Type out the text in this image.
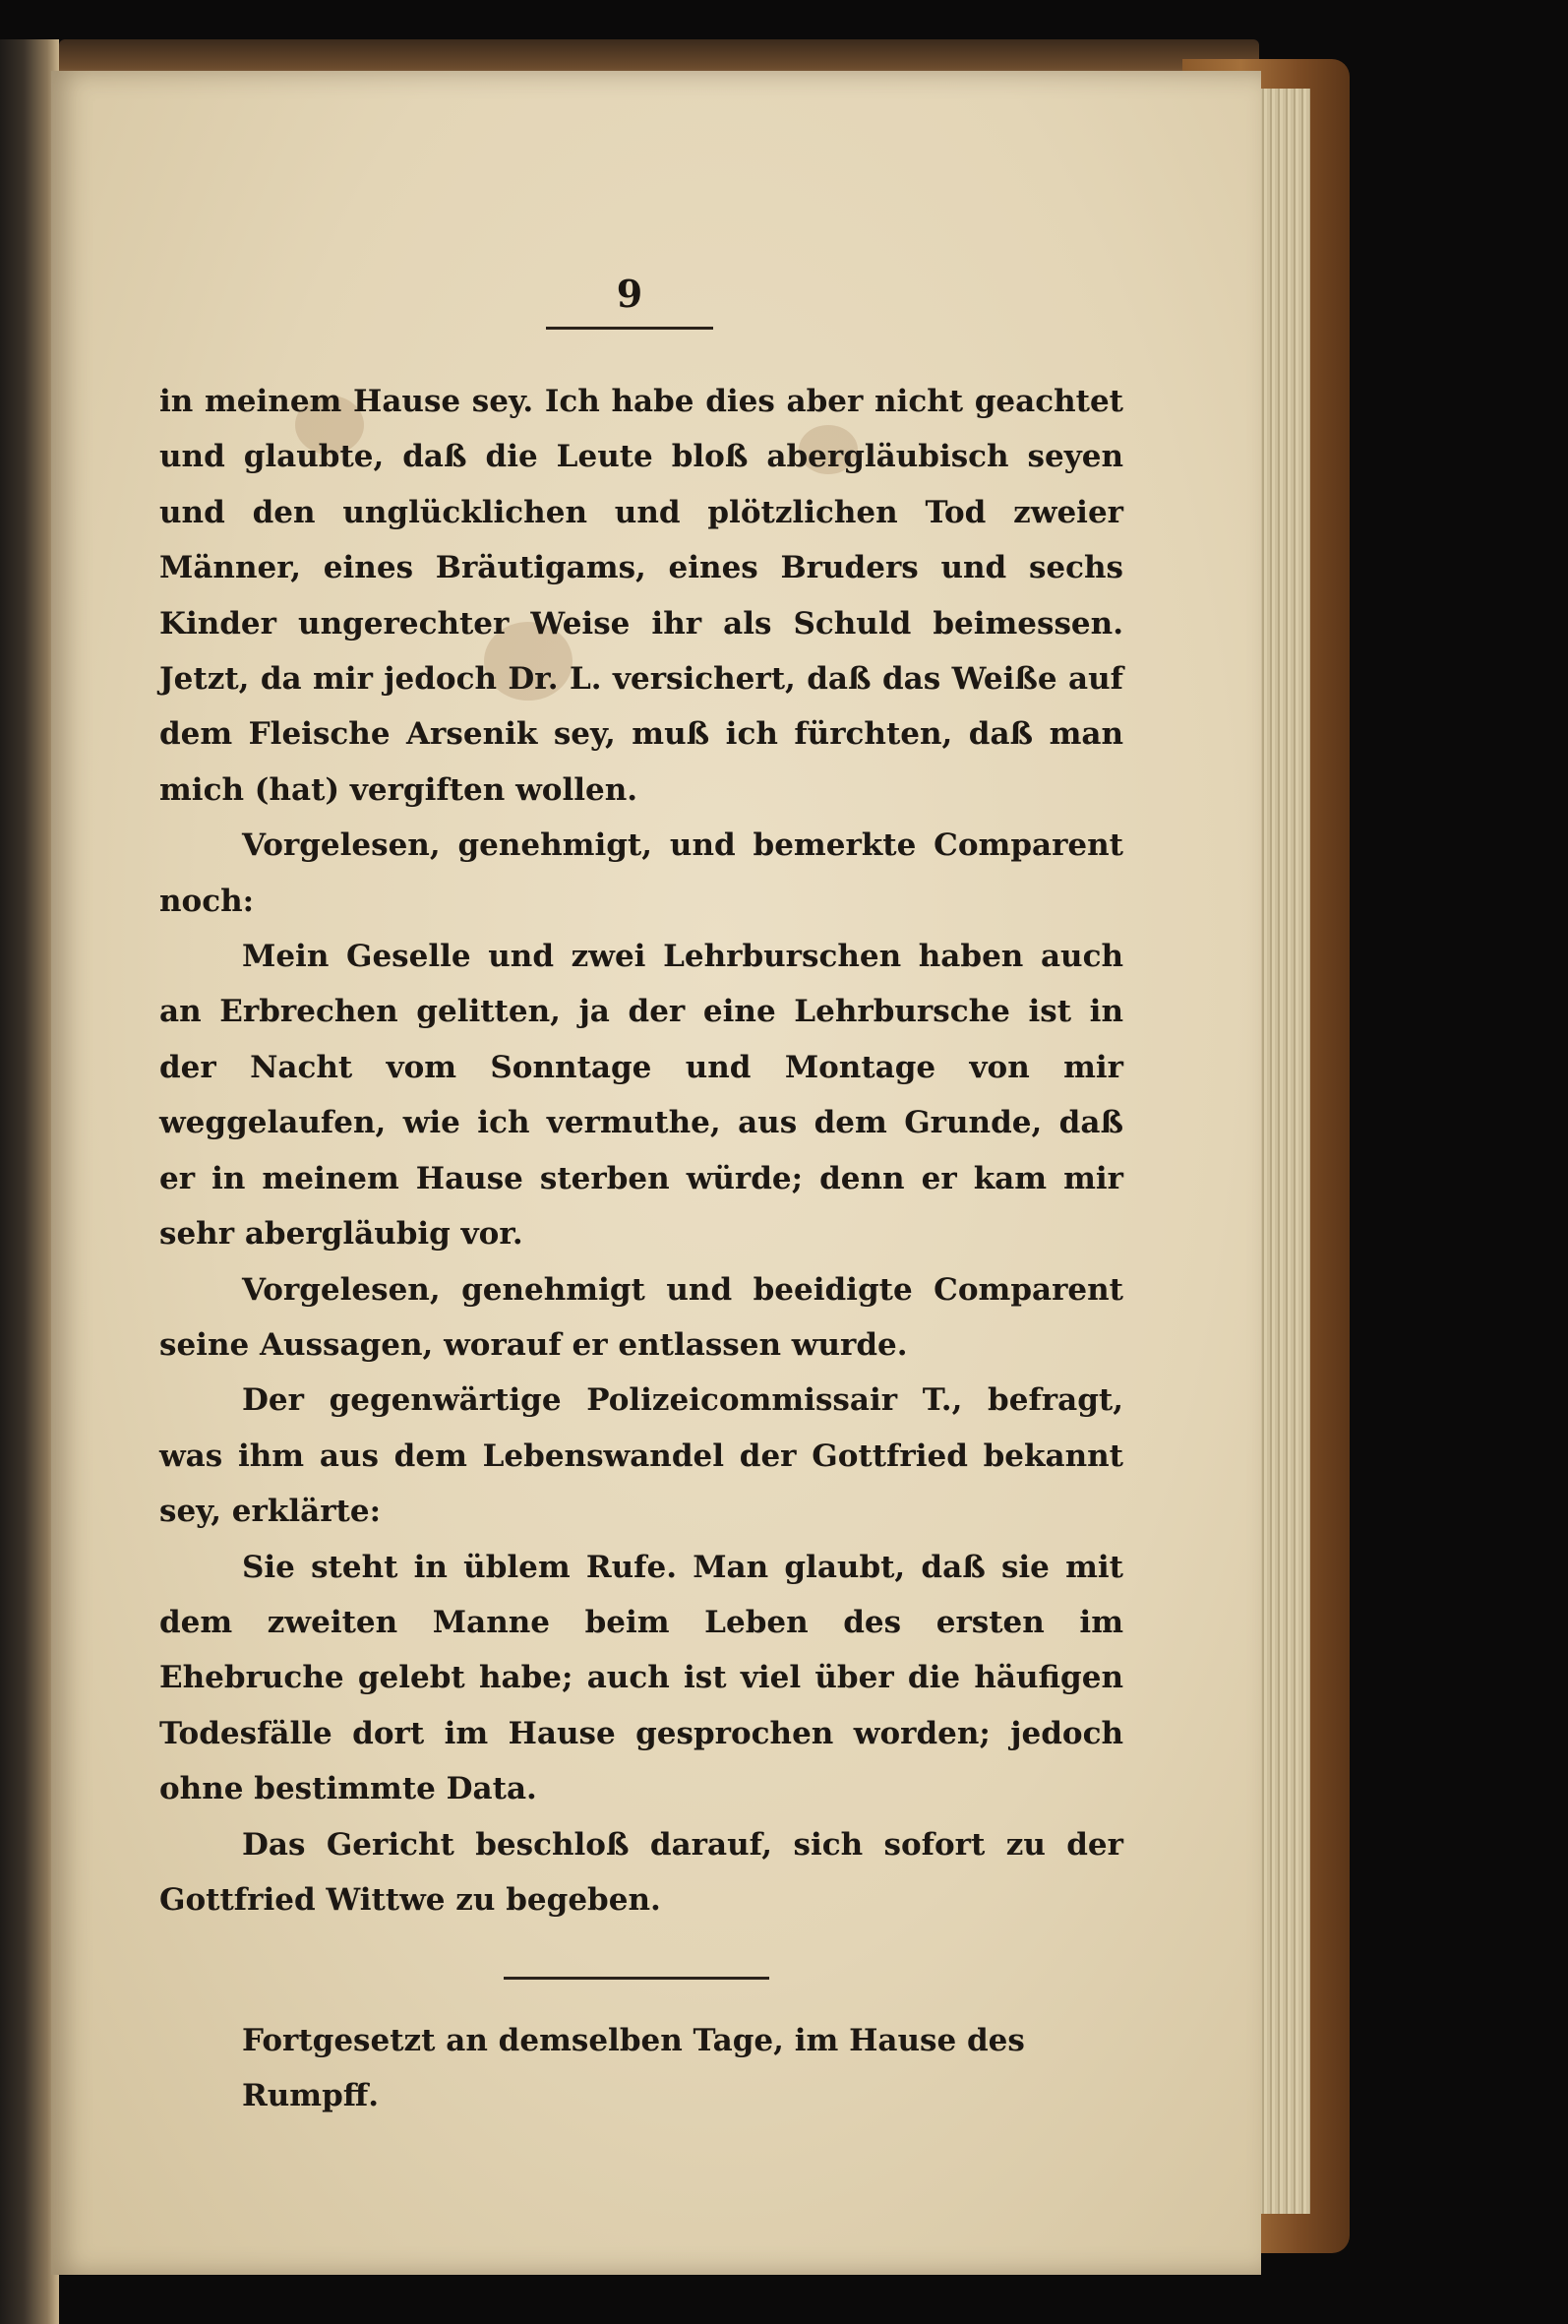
9

in meinem Hause sey. Ich habe dies aber nicht geachtet und glaubte, daß die Leute bloß abergläubisch seyen und den unglücklichen und plötzlichen Tod zweier Männer, eines Bräutigams, eines Bruders und sechs Kinder ungerechter Weise ihr als Schuld beimessen. Jetzt, da mir jedoch Dr. L. versichert, daß das Weiße auf dem Fleische Arsenik sey, muß ich fürchten, daß man mich (hat) vergiften wollen.

Vorgelesen, genehmigt, und bemerkte Comparent noch:

Mein Geselle und zwei Lehrburschen haben auch an Erbrechen gelitten, ja der eine Lehrbursche ist in der Nacht vom Sonntage und Montage von mir weggelaufen, wie ich vermuthe, aus dem Grunde, daß er in meinem Hause sterben würde; denn er kam mir sehr abergläubig vor.

Vorgelesen, genehmigt und beeidigte Comparent seine Aussagen, worauf er entlassen wurde.

Der gegenwärtige Polizeicommissair T., befragt, was ihm aus dem Lebenswandel der Gottfried bekannt sey, erklärte:

Sie steht in üblem Rufe. Man glaubt, daß sie mit dem zweiten Manne beim Leben des ersten im Ehebruche gelebt habe; auch ist viel über die häufigen Todesfälle dort im Hause gesprochen worden; jedoch ohne bestimmte Data.

Das Gericht beschloß darauf, sich sofort zu der Gottfried Wittwe zu begeben.

Fortgesetzt an demselben Tage, im Hause des Rumpff.
